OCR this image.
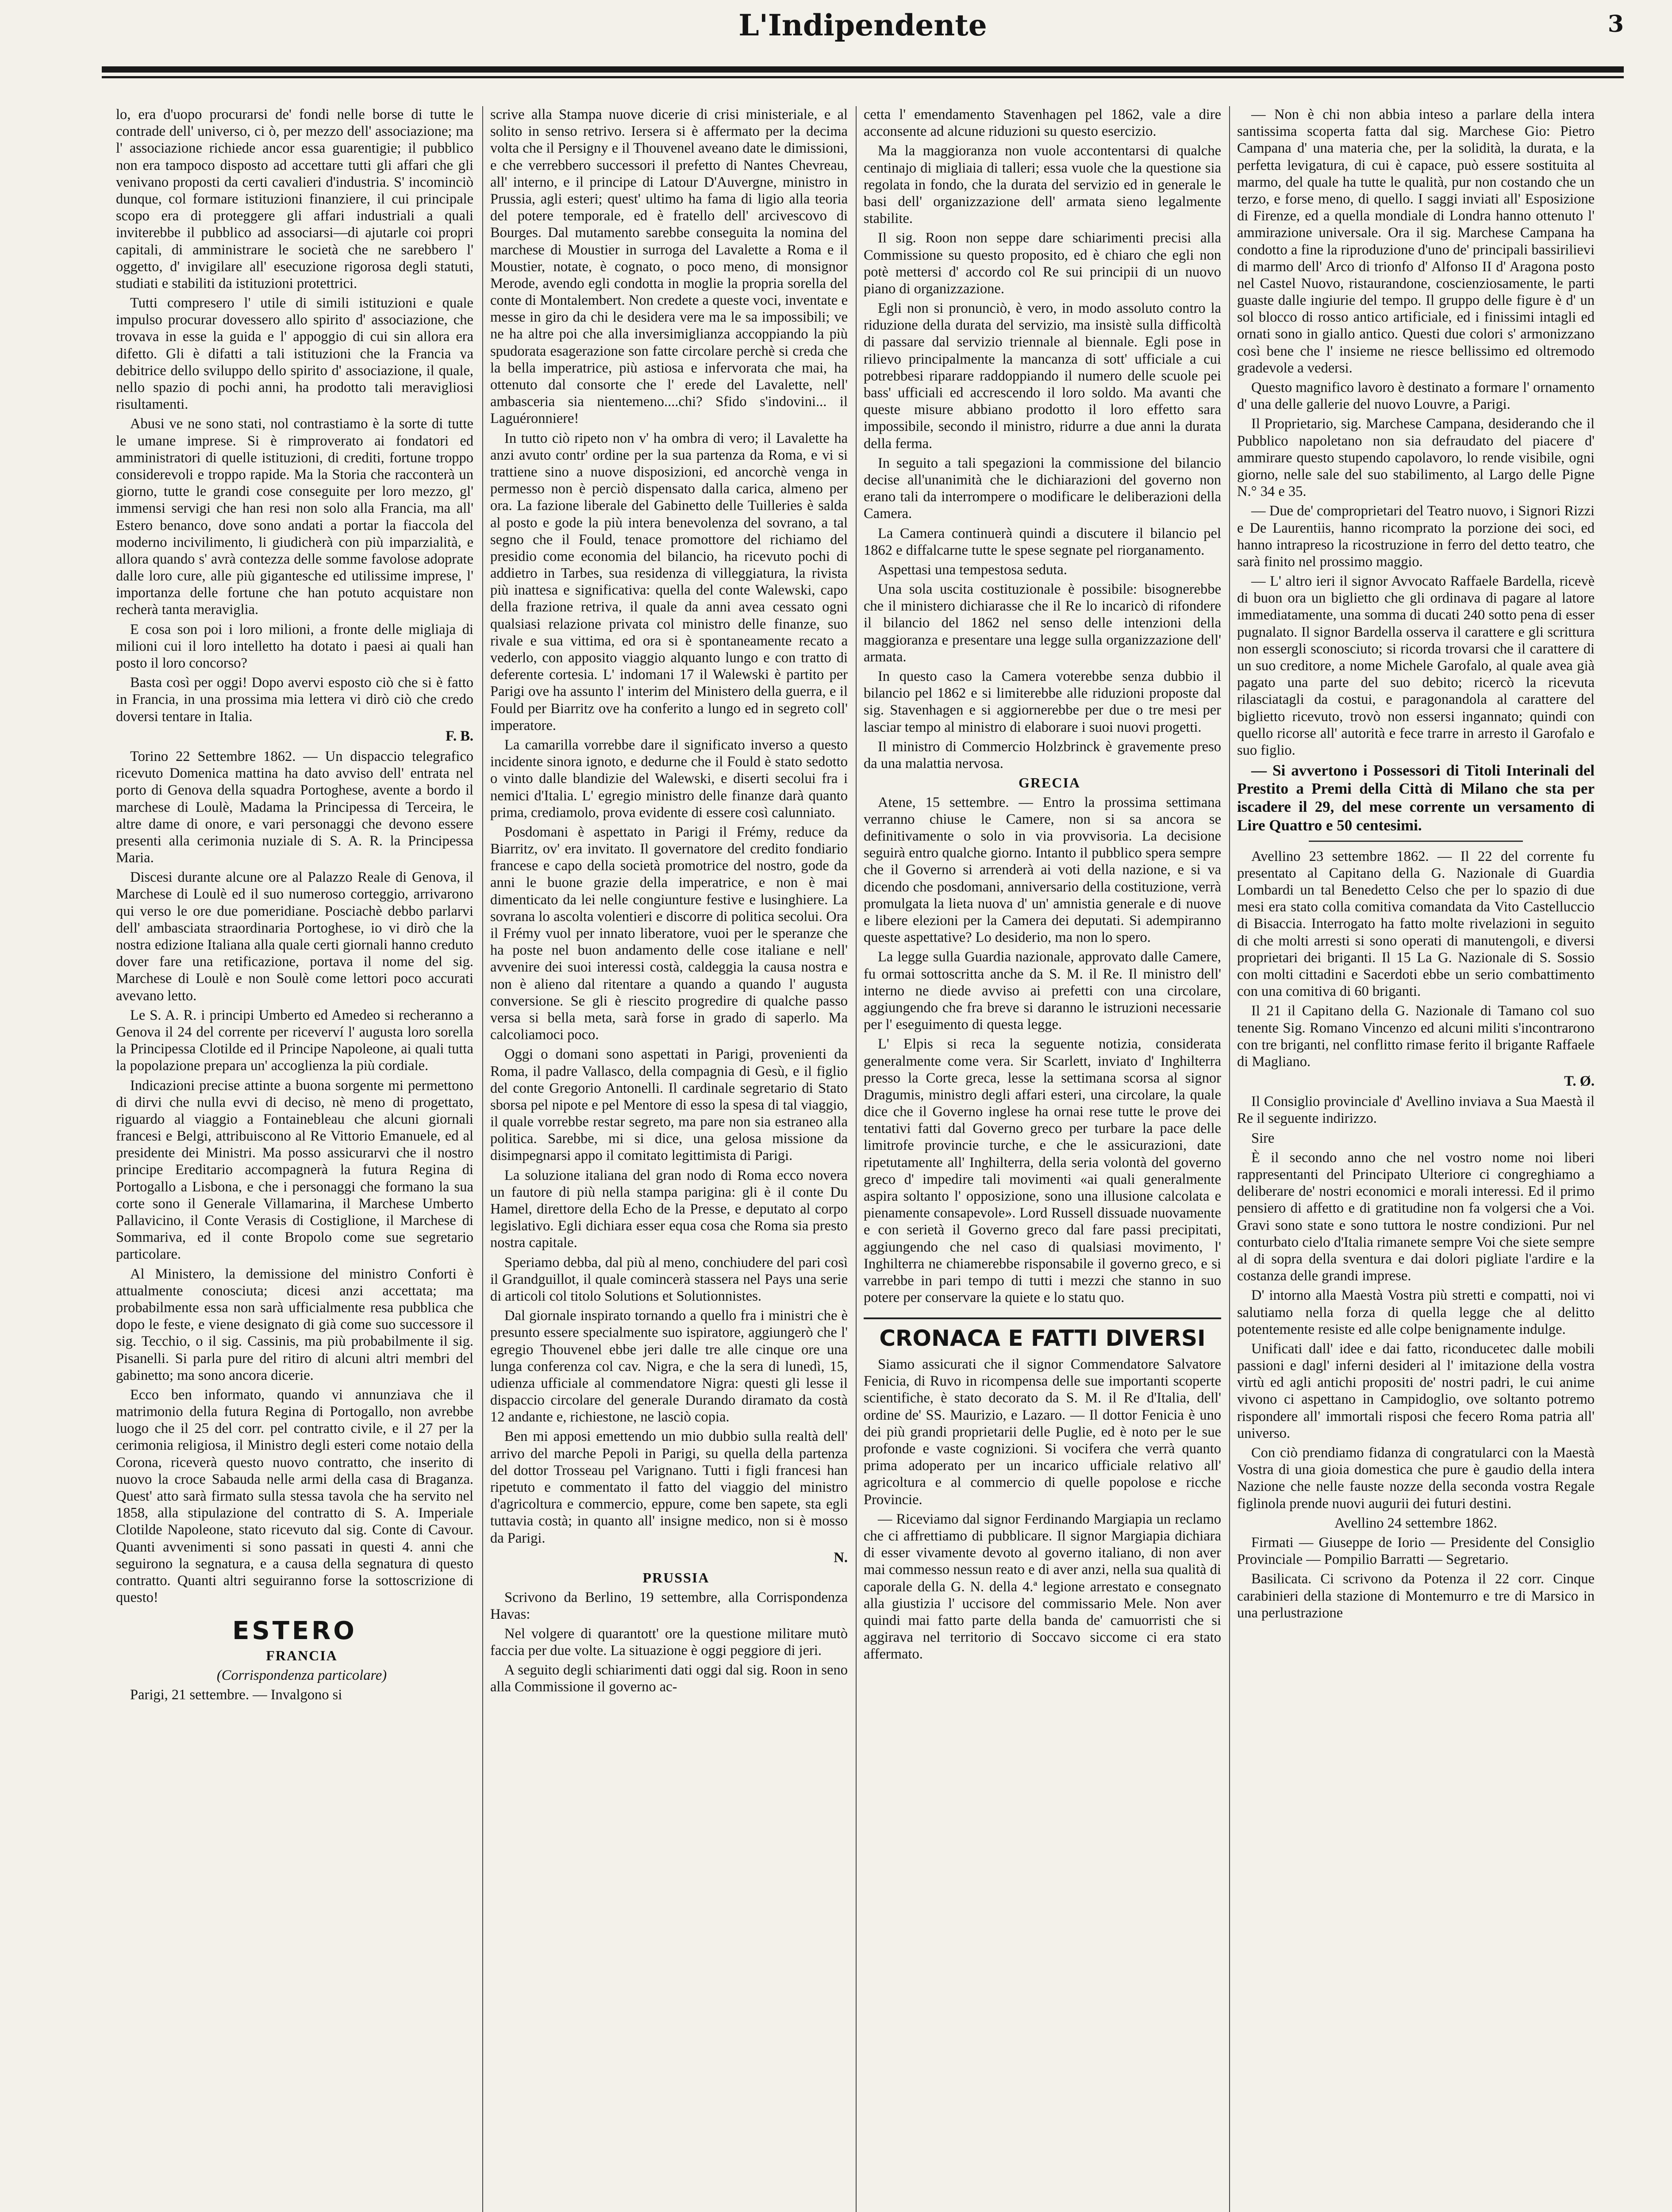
L'Indipendente	3

lo, era d'uopo procurarsi de' fondi nelle borse di tutte le contrade dell' universo, ci ò, per mezzo dell' associazione; ma l' associazione richiede ancor essa guarentigie; il pubblico non era tampoco disposto ad accettare tutti gli affari che gli venivano proposti da certi cavalieri d'industria. S' incominciò dunque, col formare istituzioni finanziere, il cui principale scopo era di proteggere gli affari industriali a quali inviterebbe il pubblico ad associarsi—di ajutarle coi propri capitali, di amministrare le società che ne sarebbero l' oggetto, d' invigilare all' esecuzione rigorosa degli statuti, studiati e stabiliti da istituzioni protettrici.

Tutti compresero l' utile di simili istituzioni e quale impulso procurar dovessero allo spirito d' associazione, che trovava in esse la guida e l' appoggio di cui sin allora era difetto. Gli è difatti a tali istituzioni che la Francia va debitrice dello sviluppo dello spirito d' associazione, il quale, nello spazio di pochi anni, ha prodotto tali meravigliosi risultamenti.

Abusi ve ne sono stati, nol contrastiamo è la sorte di tutte le umane imprese. Si è rimproverato ai fondatori ed amministratori di quelle istituzioni, di crediti, fortune troppo considerevoli e troppo rapide. Ma la Storia che racconterà un giorno, tutte le grandi cose conseguite per loro mezzo, gl' immensi servigi che han resi non solo alla Francia, ma all' Estero benanco, dove sono andati a portar la fiaccola del moderno incivilimento, li giudicherà con più imparzialità, e allora quando s' avrà contezza delle somme favolose adoprate dalle loro cure, alle più gigantesche ed utilissime imprese, l' importanza delle fortune che han potuto acquistare non recherà tanta meraviglia.

E cosa son poi i loro milioni, a fronte delle migliaja di milioni cui il loro intelletto ha dotato i paesi ai quali han posto il loro concorso?

Basta così per oggi! Dopo avervi esposto ciò che si è fatto in Francia, in una prossima mia lettera vi dirò ciò che credo doversi tentare in Italia.

F. B.

Torino 22 Settembre 1862. — Un dispaccio telegrafico ricevuto Domenica mattina ha dato avviso dell' entrata nel porto di Genova della squadra Portoghese, avente a bordo il marchese di Loulè, Madama la Principessa di Terceira, le altre dame di onore, e vari personaggi che devono essere presenti alla cerimonia nuziale di S. A. R. la Principessa Maria.

Discesi durante alcune ore al Palazzo Reale di Genova, il Marchese di Loulè ed il suo numeroso corteggio, arrivarono qui verso le ore due pomeridiane. Posciachè debbo parlarvi dell' ambasciata straordinaria Portoghese, io vi dirò che la nostra edizione Italiana alla quale certi giornali hanno creduto dover fare una retificazione, portava il nome del sig. Marchese di Loulè e non Soulè come lettori poco accurati avevano letto.

Le S. A. R. i principi Umberto ed Amedeo si recheranno a Genova il 24 del corrente per riceverví l' augusta loro sorella la Principessa Clotilde ed il Principe Napoleone, ai quali tutta la popolazione prepara un' accoglienza la più cordiale.

Indicazioni precise attinte a buona sorgente mi permettono di dirvi che nulla evvi di deciso, nè meno di progettato, riguardo al viaggio a Fontainebleau che alcuni giornali francesi e Belgi, attribuiscono al Re Vittorio Emanuele, ed al presidente dei Ministri. Ma posso assicurarvi che il nostro principe Ereditario accompagnerà la futura Regina di Portogallo a Lisbona, e che i personaggi che formano la sua corte sono il Generale Villamarina, il Marchese Umberto Pallavicino, il Conte Verasis di Costiglione, il Marchese di Sommariva, ed il conte Bropolo come sue segretario particolare.

Al Ministero, la demissione del ministro Conforti è attualmente conosciuta; dicesi anzi accettata; ma probabilmente essa non sarà ufficialmente resa pubblica che dopo le feste, e viene designato di già come suo successore il sig. Tecchio, o il sig. Cassinis, ma più probabilmente il sig. Pisanelli. Si parla pure del ritiro di alcuni altri membri del gabinetto; ma sono ancora dicerie.

Ecco ben informato, quando vi annunziava che il matrimonio della futura Regina di Portogallo, non avrebbe luogo che il 25 del corr. pel contratto civile, e il 27 per la cerimonia religiosa, il Ministro degli esteri come notaio della Corona, riceverà questo nuovo contratto, che inserito di nuovo la croce Sabauda nelle armi della casa di Braganza. Quest' atto sarà firmato sulla stessa tavola che ha servito nel 1858, alla stipulazione del contratto di S. A. Imperiale Clotilde Napoleone, stato ricevuto dal sig. Conte di Cavour. Quanti avvenimenti si sono passati in questi 4. anni che seguirono la segnatura, e a causa della segnatura di questo contratto. Quanti altri seguiranno forse la sottoscrizione di questo!

ESTERO

FRANCIA

(Corrispondenza particolare)

Parigi, 21 settembre. — Invalgono si

scrive alla Stampa nuove dicerie di crisi ministeriale, e al solito in senso retrivo. Iersera si è affermato per la decima volta che il Persigny e il Thouvenel aveano date le dimissioni, e che verrebbero successori il prefetto di Nantes Chevreau, all' interno, e il principe di Latour D'Auvergne, ministro in Prussia, agli esteri; quest' ultimo ha fama di ligio alla teoria del potere temporale, ed è fratello dell' arcivescovo di Bourges. Dal mutamento sarebbe conseguita la nomina del marchese di Moustier in surroga del Lavalette a Roma e il Moustier, notate, è cognato, o poco meno, di monsignor Merode, avendo egli condotta in moglie la propria sorella del conte di Montalembert. Non credete a queste voci, inventate e messe in giro da chi le desidera vere ma le sa impossibili; ve ne ha altre poi che alla inversimiglianza accoppiando la più spudorata esagerazione son fatte circolare perchè si creda che la bella imperatrice, più astiosa e infervorata che mai, ha ottenuto dal consorte che l' erede del Lavalette, nell' ambasceria sia nientemeno....chi? Sfido s'indovini... il Laguéronniere!

In tutto ciò ripeto non v' ha ombra di vero; il Lavalette ha anzi avuto contr' ordine per la sua partenza da Roma, e vi si trattiene sino a nuove disposizioni, ed ancorchè venga in permesso non è perciò dispensato dalla carica, almeno per ora. La fazione liberale del Gabinetto delle Tuilleries è salda al posto e gode la più intera benevolenza del sovrano, a tal segno che il Fould, tenace promottore del richiamo del presidio come economia del bilancio, ha ricevuto pochi di addietro in Tarbes, sua residenza di villeggiatura, la rivista più inattesa e significativa: quella del conte Walewski, capo della frazione retriva, il quale da anni avea cessato ogni qualsiasi relazione privata col ministro delle finanze, suo rivale e sua vittima, ed ora si è spontaneamente recato a vederlo, con apposito viaggio alquanto lungo e con tratto di deferente cortesia. L' indomani 17 il Walewski è partito per Parigi ove ha assunto l' interim del Ministero della guerra, e il Fould per Biarritz ove ha conferito a lungo ed in segreto coll' imperatore.

La camarilla vorrebbe dare il significato inverso a questo incidente sinora ignoto, e dedurne che il Fould è stato sedotto o vinto dalle blandizie del Walewski, e diserti secolui fra i nemici d'Italia. L' egregio ministro delle finanze darà quanto prima, crediamolo, prova evidente di essere così calunniato.

Posdomani è aspettato in Parigi il Frémy, reduce da Biarritz, ov' era invitato. Il governatore del credito fondiario francese e capo della società promotrice del nostro, gode da anni le buone grazie della imperatrice, e non è mai dimenticato da lei nelle congiunture festive e lusinghiere. La sovrana lo ascolta volentieri e discorre di politica secolui. Ora il Frémy vuol per innato liberatore, vuoi per le speranze che ha poste nel buon andamento delle cose italiane e nell' avvenire dei suoi interessi costà, caldeggia la causa nostra e non è alieno dal ritentare a quando a quando l' augusta conversione. Se gli è riescito progredire di qualche passo versa si bella meta, sarà forse in grado di saperlo. Ma calcoliamoci poco.

Oggi o domani sono aspettati in Parigi, provenienti da Roma, il padre Vallasco, della compagnia di Gesù, e il figlio del conte Gregorio Antonelli. Il cardinale segretario di Stato sborsa pel nipote e pel Mentore di esso la spesa di tal viaggio, il quale vorrebbe restar segreto, ma pare non sia estraneo alla politica. Sarebbe, mi si dice, una gelosa missione da disimpegnarsi appo il comitato legittimista di Parigi.

La soluzione italiana del gran nodo di Roma ecco novera un fautore di più nella stampa parigina: gli è il conte Du Hamel, direttore della Echo de la Presse, e deputato al corpo legislativo. Egli dichiara esser equa cosa che Roma sia presto nostra capitale.

Speriamo debba, dal più al meno, conchiudere del pari così il Grandguillot, il quale comincerà stassera nel Pays una serie di articoli col titolo Solutions et Solutionnistes.

Dal giornale inspirato tornando a quello fra i ministri che è presunto essere specialmente suo ispiratore, aggiungerò che l' egregio Thouvenel ebbe jeri dalle tre alle cinque ore una lunga conferenza col cav. Nigra, e che la sera di lunedì, 15, udienza ufficiale al commendatore Nigra: questi gli lesse il dispaccio circolare del generale Durando diramato da costà 12 andante e, richiestone, ne lasciò copia.

Ben mi apposi emettendo un mio dubbio sulla realtà dell' arrivo del marche Pepoli in Parigi, su quella della partenza del dottor Trosseau pel Varignano. Tutti i figli francesi han ripetuto e commentato il fatto del viaggio del ministro d'agricoltura e commercio, eppure, come ben sapete, sta egli tuttavia costà; in quanto all' insigne medico, non si è mosso da Parigi.

N.

PRUSSIA

Scrivono da Berlino, 19 settembre, alla Corrispondenza Havas:

Nel volgere di quarantott' ore la questione militare mutò faccia per due volte. La situazione è oggi peggiore di jeri.

A seguito degli schiarimenti dati oggi dal sig. Roon in seno alla Commissione il governo ac-

cetta l' emendamento Stavenhagen pel 1862, vale a dire acconsente ad alcune riduzioni su questo esercizio.

Ma la maggioranza non vuole accontentarsi di qualche centinajo di migliaia di talleri; essa vuole che la questione sia regolata in fondo, che la durata del servizio ed in generale le basi dell' organizzazione dell' armata sieno legalmente stabilite.

Il sig. Roon non seppe dare schiarimenti precisi alla Commissione su questo proposito, ed è chiaro che egli non potè mettersi d' accordo col Re sui principii di un nuovo piano di organizzazione.

Egli non si pronunciò, è vero, in modo assoluto contro la riduzione della durata del servizio, ma insistè sulla difficoltà di passare dal servizio triennale al biennale. Egli pose in rilievo principalmente la mancanza di sott' ufficiale a cui potrebbesi riparare raddoppiando il numero delle scuole pei bass' ufficiali ed accrescendo il loro soldo. Ma avanti che queste misure abbiano prodotto il loro effetto sara impossibile, secondo il ministro, ridurre a due anni la durata della ferma.

In seguito a tali spegazioni la commissione del bilancio decise all'unanimità che le dichiarazioni del governo non erano tali da interrompere o modificare le deliberazioni della Camera.

La Camera continuerà quindi a discutere il bilancio pel 1862 e diffalcarne tutte le spese segnate pel riorganamento.

Aspettasi una tempestosa seduta.

Una sola uscita costituzionale è possibile: bisognerebbe che il ministero dichiarasse che il Re lo incaricò di rifondere il bilancio del 1862 nel senso delle intenzioni della maggioranza e presentare una legge sulla organizzazione dell' armata.

In questo caso la Camera voterebbe senza dubbio il bilancio pel 1862 e si limiterebbe alle riduzioni proposte dal sig. Stavenhagen e si aggiornerebbe per due o tre mesi per lasciar tempo al ministro di elaborare i suoi nuovi progetti.

Il ministro di Commercio Holzbrinck è gravemente preso da una malattia nervosa.

GRECIA

Atene, 15 settembre. — Entro la prossima settimana verranno chiuse le Camere, non si sa ancora se definitivamente o solo in via provvisoria. La decisione seguirà entro qualche giorno. Intanto il pubblico spera sempre che il Governo si arrenderà ai voti della nazione, e si va dicendo che posdomani, anniversario della costituzione, verrà promulgata la lieta nuova d' un' amnistia generale e di nuove e libere elezioni per la Camera dei deputati. Si adempiranno queste aspettative? Lo desiderio, ma non lo spero.

La legge sulla Guardia nazionale, approvato dalle Camere, fu ormai sottoscritta anche da S. M. il Re. Il ministro dell' interno ne diede avviso ai prefetti con una circolare, aggiungendo che fra breve si daranno le istruzioni necessarie per l' eseguimento di questa legge.

L' Elpis si reca la seguente notizia, considerata generalmente come vera. Sir Scarlett, inviato d' Inghilterra presso la Corte greca, lesse la settimana scorsa al signor Dragumis, ministro degli affari esteri, una circolare, la quale dice che il Governo inglese ha ornai rese tutte le prove dei tentativi fatti dal Governo greco per turbare la pace delle limitrofe provincie turche, e che le assicurazioni, date ripetutamente all' Inghilterra, della seria volontà del governo greco d' impedire tali movimenti «ai quali generalmente aspira soltanto l' opposizione, sono una illusione calcolata e pienamente consapevole». Lord Russell dissuade nuovamente e con serietà il Governo greco dal fare passi precipitati, aggiungendo che nel caso di qualsiasi movimento, l' Inghilterra ne chiamerebbe risponsabile il governo greco, e si varrebbe in pari tempo di tutti i mezzi che stanno in suo potere per conservare la quiete e lo statu quo.

CRONACA E FATTI DIVERSI

Siamo assicurati che il signor Commendatore Salvatore Fenicia, di Ruvo in ricompensa delle sue importanti scoperte scientifiche, è stato decorato da S. M. il Re d'Italia, dell' ordine de' SS. Maurizio, e Lazaro. — Il dottor Fenicia è uno dei più grandi proprietarii delle Puglie, ed è noto per le sue profonde e vaste cognizioni. Si vocifera che verrà quanto prima adoperato per un incarico ufficiale relativo all' agricoltura e al commercio di quelle popolose e ricche Provincie.

— Riceviamo dal signor Ferdinando Margiapia un reclamo che ci affrettiamo di pubblicare. Il signor Margiapia dichiara di esser vivamente devoto al governo italiano, di non aver mai commesso nessun reato e di aver anzi, nella sua qualità di caporale della G. N. della 4.ª legione arrestato e consegnato alla giustizia l' uccisore del commissario Mele. Non aver quindi mai fatto parte della banda de' camuorristi che si aggirava nel territorio di Soccavo siccome ci era stato affermato.

— Non è chi non abbia inteso a parlare della intera santissima scoperta fatta dal sig. Marchese Gio: Pietro Campana d' una materia che, per la solidità, la durata, e la perfetta levigatura, di cui è capace, può essere sostituita al marmo, del quale ha tutte le qualità, pur non costando che un terzo, e forse meno, di quello. I saggi inviati all' Esposizione di Firenze, ed a quella mondiale di Londra hanno ottenuto l' ammirazione universale. Ora il sig. Marchese Campana ha condotto a fine la riproduzione d'uno de' principali bassirilievi di marmo dell' Arco di trionfo d' Alfonso II d' Aragona posto nel Castel Nuovo, ristaurandone, coscienziosamente, le parti guaste dalle ingiurie del tempo. Il gruppo delle figure è d' un sol blocco di rosso antico artificiale, ed i finissimi intagli ed ornati sono in giallo antico. Questi due colori s' armonizzano così bene che l' insieme ne riesce bellissimo ed oltremodo gradevole a vedersi.

Questo magnifico lavoro è destinato a formare l' ornamento d' una delle gallerie del nuovo Louvre, a Parigi.

Il Proprietario, sig. Marchese Campana, desiderando che il Pubblico napoletano non sia defraudato del piacere d' ammirare questo stupendo capolavoro, lo rende visibile, ogni giorno, nelle sale del suo stabilimento, al Largo delle Pigne N.° 34 e 35.

— Due de' comproprietari del Teatro nuovo, i Signori Rizzi e De Laurentiis, hanno ricomprato la porzione dei soci, ed hanno intrapreso la ricostruzione in ferro del detto teatro, che sarà finito nel prossimo maggio.

— L' altro ieri il signor Avvocato Raffaele Bardella, ricevè di buon ora un biglietto che gli ordinava di pagare al latore immediatamente, una somma di ducati 240 sotto pena di esser pugnalato. Il signor Bardella osserva il carattere e gli scrittura non essergli sconosciuto; si ricorda trovarsi che il carattere di un suo creditore, a nome Michele Garofalo, al quale avea già pagato una parte del suo debito; ricercò la ricevuta rilasciatagli da costui, e paragonandola al carattere del biglietto ricevuto, trovò non essersi ingannato; quindi con quello ricorse all' autorità e fece trarre in arresto il Garofalo e suo figlio.

— Si avvertono i Possessori di Titoli Interinali del Prestito a Premi della Città di Milano che sta per iscadere il 29, del mese corrente un versamento di Lire Quattro e 50 centesimi.

Avellino 23 settembre 1862. — Il 22 del corrente fu presentato al Capitano della G. Nazionale di Guardia Lombardi un tal Benedetto Celso che per lo spazio di due mesi era stato colla comitiva comandata da Vito Castelluccio di Bisaccia. Interrogato ha fatto molte rivelazioni in seguito di che molti arresti si sono operati di manutengoli, e diversi proprietari dei briganti. Il 15 La G. Nazionale di S. Sossio con molti cittadini e Sacerdoti ebbe un serio combattimento con una comitiva di 60 briganti.

Il 21 il Capitano della G. Nazionale di Tamano col suo tenente Sig. Romano Vincenzo ed alcuni militi s'incontrarono con tre briganti, nel conflitto rimase ferito il brigante Raffaele di Magliano.

T. Ø.

Il Consiglio provinciale d' Avellino inviava a Sua Maestà il Re il seguente indirizzo.

Sire

È il secondo anno che nel vostro nome noi liberi rappresentanti del Principato Ulteriore ci congreghiamo a deliberare de' nostri economici e morali interessi. Ed il primo pensiero di affetto e di gratitudine non fa volgersi che a Voi. Gravi sono state e sono tuttora le nostre condizioni. Pur nel conturbato cielo d'Italia rimanete sempre Voi che siete sempre al di sopra della sventura e dai dolori pigliate l'ardire e la costanza delle grandi imprese.

D' intorno alla Maestà Vostra più stretti e compatti, noi vi salutiamo nella forza di quella legge che al delitto potentemente resiste ed alle colpe benignamente indulge.

Unificati dall' idee e dai fatto, riconducetec dalle mobili passioni e dagl' inferni desideri al l' imitazione della vostra virtù ed agli antichi propositi de' nostri padri, le cui anime vivono ci aspettano in Campidoglio, ove soltanto potremo rispondere all' immortali risposi che fecero Roma patria all' universo.

Con ciò prendiamo fidanza di congratularci con la Maestà Vostra di una gioia domestica che pure è gaudio della intera Nazione che nelle fauste nozze della seconda vostra Regale figlinola prende nuovi augurii dei futuri destini.

Avellino 24 settembre 1862.

Firmati — Giuseppe de Iorio — Presidente del Consiglio Provinciale — Pompilio Barratti — Segretario.

Basilicata. Ci scrivono da Potenza il 22 corr. Cinque carabinieri della stazione di Montemurro e tre di Marsico in una perlustrazione
